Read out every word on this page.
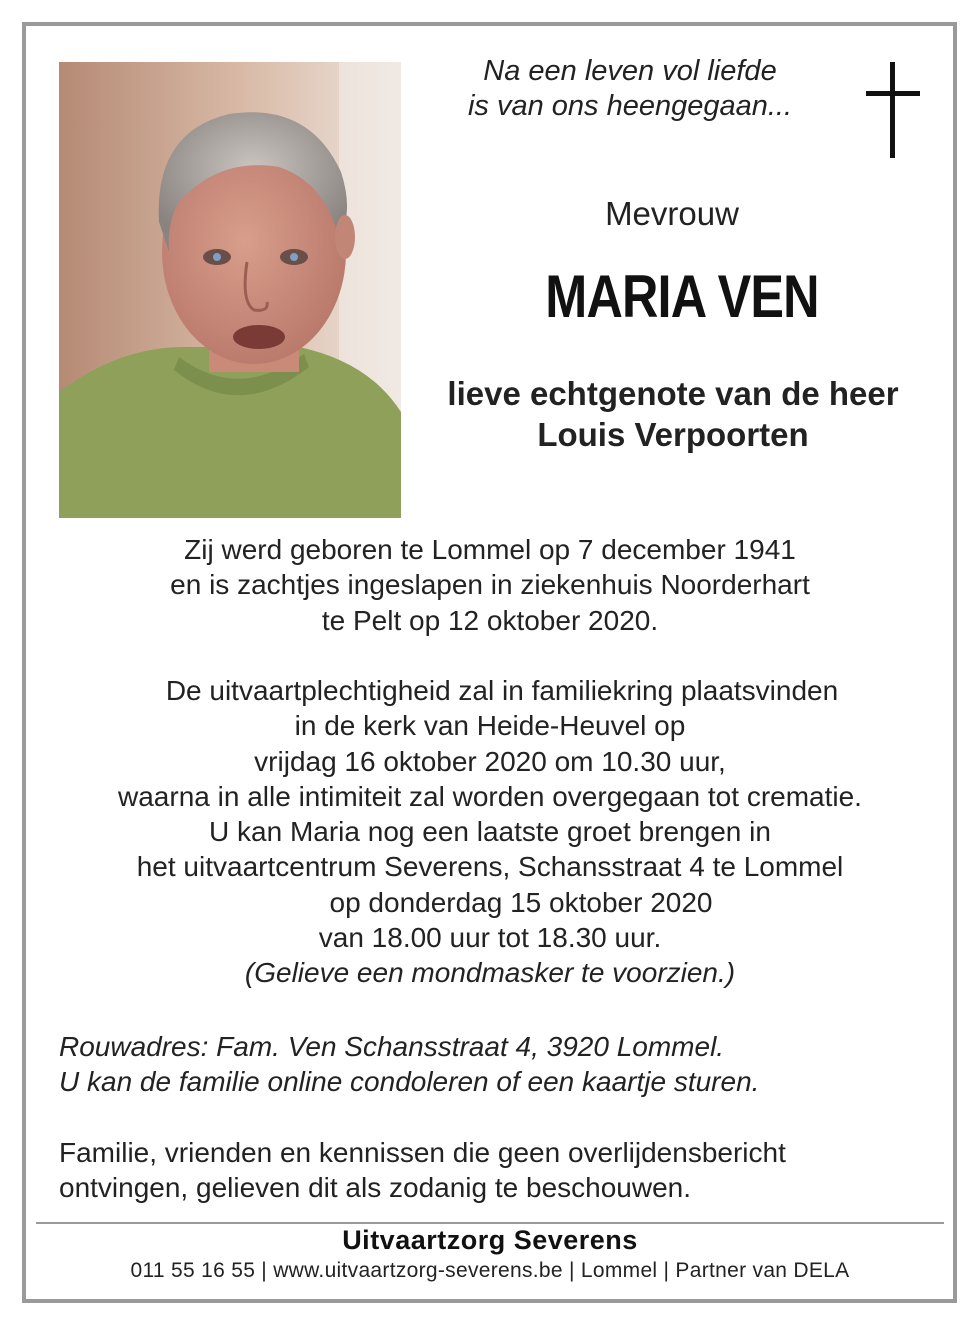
Na een leven vol liefde
is van ons heengegaan...
Mevrouw
MARIA VEN
lieve echtgenote van de heer
Louis Verpoorten
Zij werd geboren te Lommel op 7 december 1941
en is zachtjes ingeslapen in ziekenhuis Noorderhart
te Pelt op 12 oktober 2020.
De uitvaartplechtigheid zal in familiekring plaatsvinden
in de kerk van Heide-Heuvel op
vrijdag 16 oktober 2020 om 10.30 uur,
waarna in alle intimiteit zal worden overgegaan tot crematie.
U kan Maria nog een laatste groet brengen in
het uitvaartcentrum Severens, Schansstraat 4 te Lommel
op donderdag 15 oktober 2020
van 18.00 uur tot 18.30 uur.
(Gelieve een mondmasker te voorzien.)
Rouwadres: Fam. Ven Schansstraat 4, 3920 Lommel.
U kan de familie online condoleren of een kaartje sturen.
Familie, vrienden en kennissen die geen overlijdensbericht
ontvingen, gelieven dit als zodanig te beschouwen.
Uitvaartzorg Severens
011 55 16 55 | www.uitvaartzorg-severens.be | Lommel | Partner van DELA
